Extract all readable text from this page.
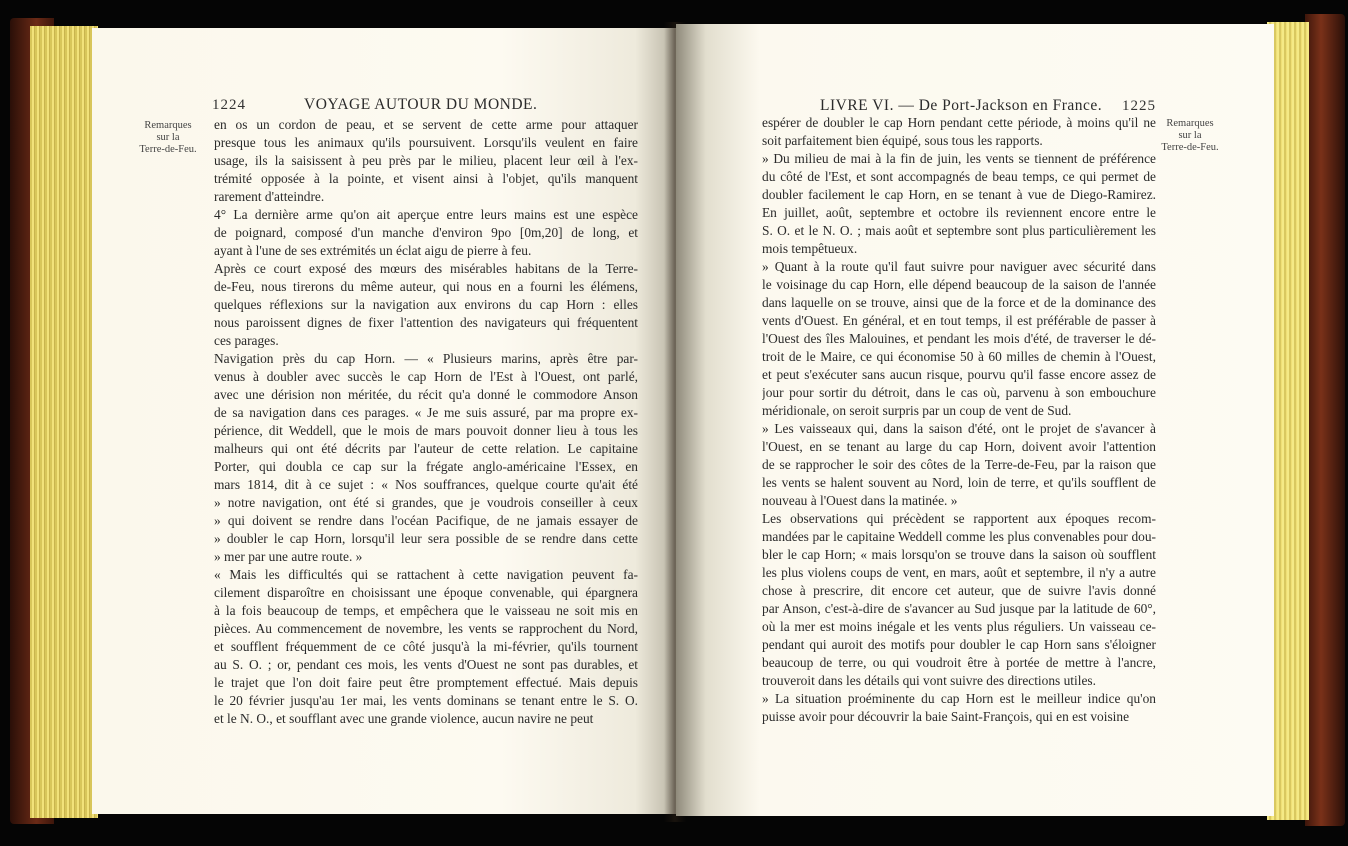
1224	VOYAGE AUTOUR DU MONDE.
Remarques
sur la
Terre-de-Feu.
en os un cordon de peau, et se servent de cette arme pour attaquer
presque tous les animaux qu'ils poursuivent. Lorsqu'ils veulent en faire
usage, ils la saisissent à peu près par le milieu, placent leur œil à l'ex-
trémité opposée à la pointe, et visent ainsi à l'objet, qu'ils manquent
rarement d'atteindre.
4° La dernière arme qu'on ait aperçue entre leurs mains est une espèce
de poignard, composé d'un manche d'environ 9po [0m,20] de long, et
ayant à l'une de ses extrémités un éclat aigu de pierre à feu.
Après ce court exposé des mœurs des misérables habitans de la Terre-
de-Feu, nous tirerons du même auteur, qui nous en a fourni les élémens,
quelques réflexions sur la navigation aux environs du cap Horn : elles
nous paroissent dignes de fixer l'attention des navigateurs qui fréquentent
ces parages.
Navigation près du cap Horn. — « Plusieurs marins, après être par-
venus à doubler avec succès le cap Horn de l'Est à l'Ouest, ont parlé,
avec une dérision non méritée, du récit qu'a donné le commodore Anson
de sa navigation dans ces parages. « Je me suis assuré, par ma propre ex-
périence, dit Weddell, que le mois de mars pouvoit donner lieu à tous les
malheurs qui ont été décrits par l'auteur de cette relation. Le capitaine
Porter, qui doubla ce cap sur la frégate anglo-américaine l'Essex, en
mars 1814, dit à ce sujet : « Nos souffrances, quelque courte qu'ait été
» notre navigation, ont été si grandes, que je voudrois conseiller à ceux
» qui doivent se rendre dans l'océan Pacifique, de ne jamais essayer de
» doubler le cap Horn, lorsqu'il leur sera possible de se rendre dans cette
» mer par une autre route. »
« Mais les difficultés qui se rattachent à cette navigation peuvent fa-
cilement disparoître en choisissant une époque convenable, qui épargnera
à la fois beaucoup de temps, et empêchera que le vaisseau ne soit mis en
pièces. Au commencement de novembre, les vents se rapprochent du Nord,
et soufflent fréquemment de ce côté jusqu'à la mi-février, qu'ils tournent
au S. O. ; or, pendant ces mois, les vents d'Ouest ne sont pas durables, et
le trajet que l'on doit faire peut être promptement effectué. Mais depuis
le 20 février jusqu'au 1er mai, les vents dominans se tenant entre le S. O.
et le N. O., et soufflant avec une grande violence, aucun navire ne peut
LIVRE VI. — De Port-Jackson en France. 1225
Remarques
sur la
Terre-de-Feu.
espérer de doubler le cap Horn pendant cette période, à moins qu'il ne
soit parfaitement bien équipé, sous tous les rapports.
» Du milieu de mai à la fin de juin, les vents se tiennent de préférence
du côté de l'Est, et sont accompagnés de beau temps, ce qui permet de
doubler facilement le cap Horn, en se tenant à vue de Diego-Ramirez.
En juillet, août, septembre et octobre ils reviennent encore entre le
S. O. et le N. O. ; mais août et septembre sont plus particulièrement les
mois tempêtueux.
» Quant à la route qu'il faut suivre pour naviguer avec sécurité dans
le voisinage du cap Horn, elle dépend beaucoup de la saison de l'année
dans laquelle on se trouve, ainsi que de la force et de la dominance des
vents d'Ouest. En général, et en tout temps, il est préférable de passer à
l'Ouest des îles Malouines, et pendant les mois d'été, de traverser le dé-
troit de le Maire, ce qui économise 50 à 60 milles de chemin à l'Ouest,
et peut s'exécuter sans aucun risque, pourvu qu'il fasse encore assez de
jour pour sortir du détroit, dans le cas où, parvenu à son embouchure
méridionale, on seroit surpris par un coup de vent de Sud.
» Les vaisseaux qui, dans la saison d'été, ont le projet de s'avancer à
l'Ouest, en se tenant au large du cap Horn, doivent avoir l'attention
de se rapprocher le soir des côtes de la Terre-de-Feu, par la raison que
les vents se halent souvent au Nord, loin de terre, et qu'ils soufflent de
nouveau à l'Ouest dans la matinée. »
Les observations qui précèdent se rapportent aux époques recom-
mandées par le capitaine Weddell comme les plus convenables pour dou-
bler le cap Horn; « mais lorsqu'on se trouve dans la saison où soufflent
les plus violens coups de vent, en mars, août et septembre, il n'y a autre
chose à prescrire, dit encore cet auteur, que de suivre l'avis donné
par Anson, c'est-à-dire de s'avancer au Sud jusque par la latitude de 60°,
où la mer est moins inégale et les vents plus réguliers. Un vaisseau ce-
pendant qui auroit des motifs pour doubler le cap Horn sans s'éloigner
beaucoup de terre, ou qui voudroit être à portée de mettre à l'ancre,
trouveroit dans les détails qui vont suivre des directions utiles.
» La situation proéminente du cap Horn est le meilleur indice qu'on
puisse avoir pour découvrir la baie Saint-François, qui en est voisine
